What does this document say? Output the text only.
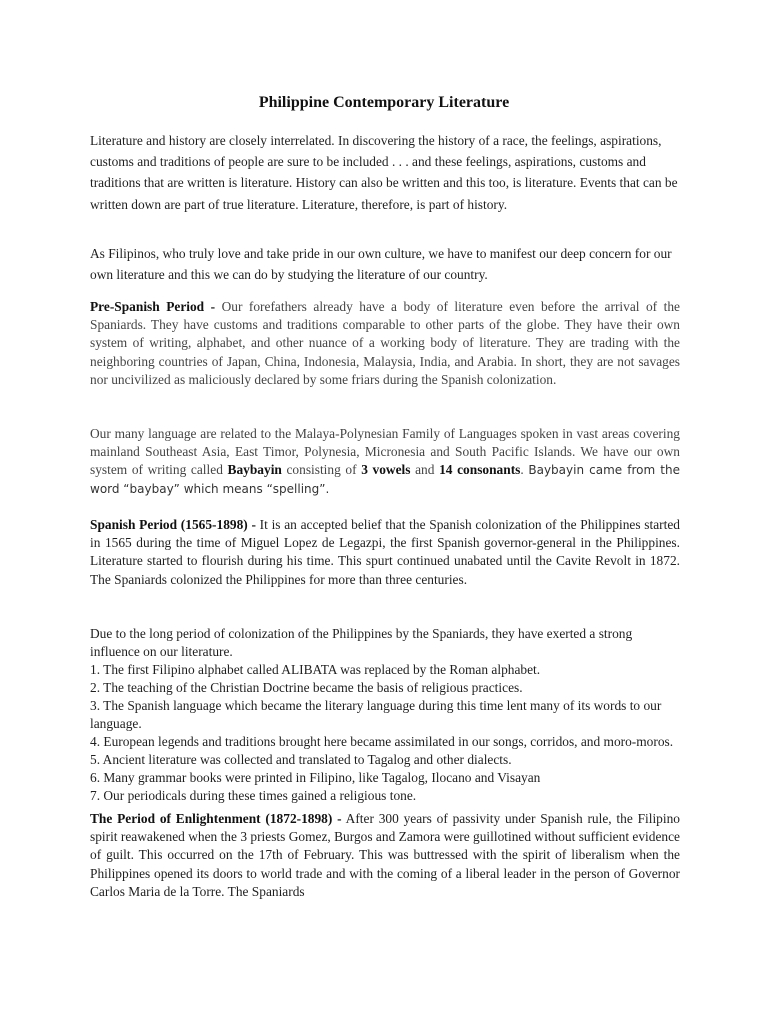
Philippine Contemporary Literature

Literature and history are closely interrelated. In discovering the history of a race, the feelings, aspirations, customs and traditions of people are sure to be included . . . and these feelings, aspirations, customs and traditions that are written is literature. History can also be written and this too, is literature. Events that can be written down are part of true literature. Literature, therefore, is part of history.

As Filipinos, who truly love and take pride in our own culture, we have to manifest our deep concern for our own literature and this we can do by studying the literature of our country.

Pre-Spanish Period - Our forefathers already have a body of literature even before the arrival of the Spaniards. They have customs and traditions comparable to other parts of the globe. They have their own system of writing, alphabet, and other nuance of a working body of literature. They are trading with the neighboring countries of Japan, China, Indonesia, Malaysia, India, and Arabia. In short, they are not savages nor uncivilized as maliciously declared by some friars during the Spanish colonization.

Our many language are related to the Malaya-Polynesian Family of Languages spoken in vast areas covering mainland Southeast Asia, East Timor, Polynesia, Micronesia and South Pacific Islands. We have our own system of writing called Baybayin consisting of 3 vowels and 14 consonants. Baybayin came from the word “baybay” which means “spelling”.

Spanish Period (1565-1898) - It is an accepted belief that the Spanish colonization of the Philippines started in 1565 during the time of Miguel Lopez de Legazpi, the first Spanish governor-general in the Philippines. Literature started to flourish during his time. This spurt continued unabated until the Cavite Revolt in 1872. The Spaniards colonized the Philippines for more than three centuries.

Due to the long period of colonization of the Philippines by the Spaniards, they have exerted a strong influence on our literature.

1. The first Filipino alphabet called ALIBATA was replaced by the Roman alphabet.
2. The teaching of the Christian Doctrine became the basis of religious practices.
3. The Spanish language which became the literary language during this time lent many of its words to our language.
4. European legends and traditions brought here became assimilated in our songs, corridos, and moro-moros.
5. Ancient literature was collected and translated to Tagalog and other dialects.
6. Many grammar books were printed in Filipino, like Tagalog, Ilocano and Visayan
7. Our periodicals during these times gained a religious tone.

The Period of Enlightenment (1872-1898) - After 300 years of passivity under Spanish rule, the Filipino spirit reawakened when the 3 priests Gomez, Burgos and Zamora were guillotined without sufficient evidence of guilt. This occurred on the 17th of February. This was buttressed with the spirit of liberalism when the Philippines opened its doors to world trade and with the coming of a liberal leader in the person of Governor Carlos Maria de la Torre. The Spaniards
